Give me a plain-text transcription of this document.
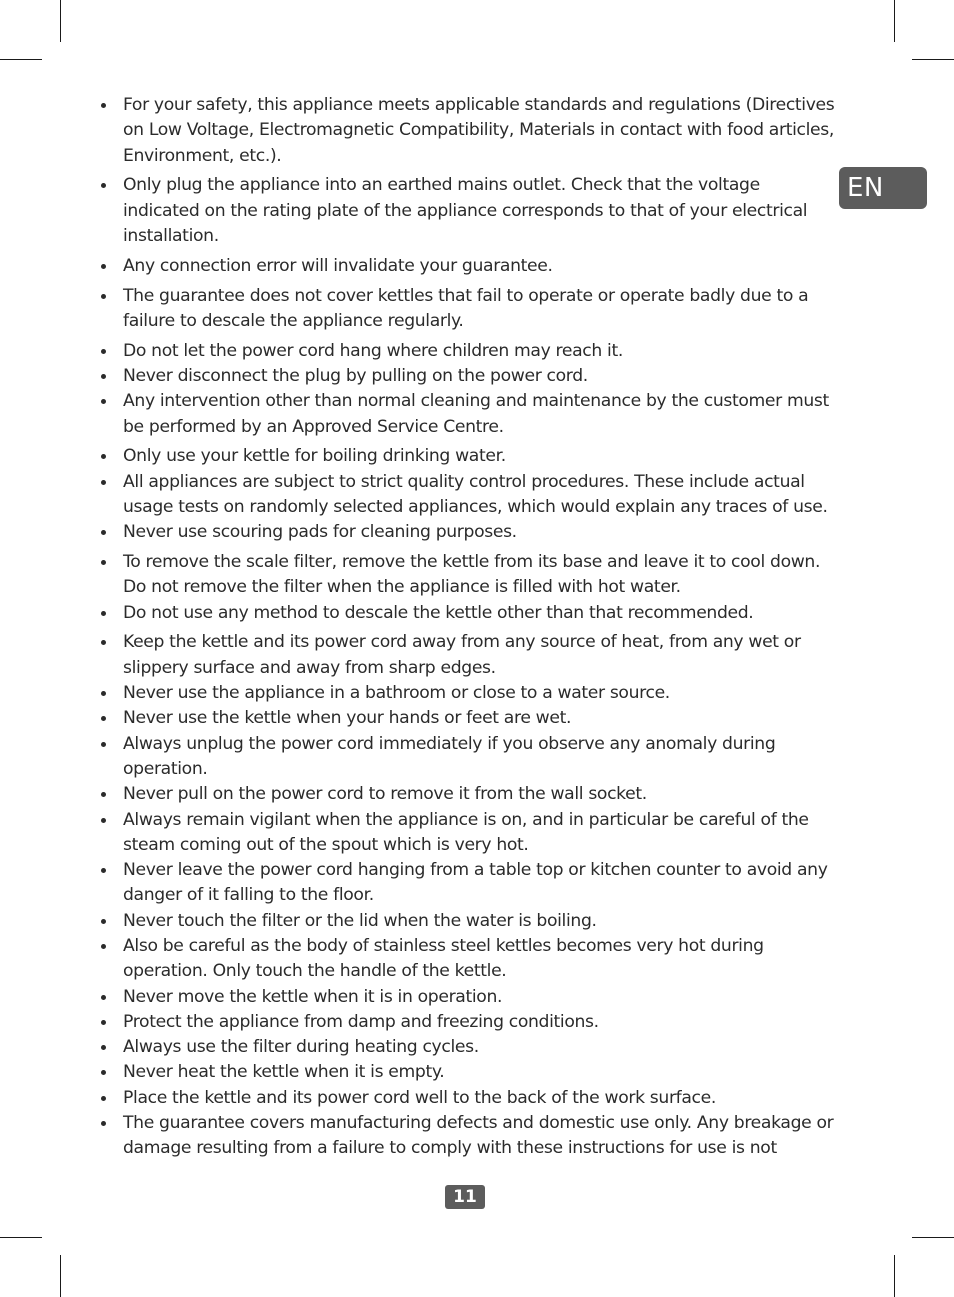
EN
For your safety, this appliance meets applicable standards and regulations (Directives on Low Voltage, Electromagnetic Compatibility, Materials in contact with food articles, Environment, etc.).
Only plug the appliance into an earthed mains outlet. Check that the voltage indicated on the rating plate of the appliance corresponds to that of your electrical installation.
Any connection error will invalidate your guarantee.
The guarantee does not cover kettles that fail to operate or operate badly due to a failure to descale the appliance regularly.
Do not let the power cord hang where children may reach it.
Never disconnect the plug by pulling on the power cord.
Any intervention other than normal cleaning and maintenance by the customer must be performed by an Approved Service Centre.
Only use your kettle for boiling drinking water.
All appliances are subject to strict quality control procedures. These include actual usage tests on randomly selected appliances, which would explain any traces of use.
Never use scouring pads for cleaning purposes.
To remove the scale filter, remove the kettle from its base and leave it to cool down. Do not remove the filter when the appliance is filled with hot water.
Do not use any method to descale the kettle other than that recommended.
Keep the kettle and its power cord away from any source of heat, from any wet or slippery surface and away from sharp edges.
Never use the appliance in a bathroom or close to a water source.
Never use the kettle when your hands or feet are wet.
Always unplug the power cord immediately if you observe any anomaly during operation.
Never pull on the power cord to remove it from the wall socket.
Always remain vigilant when the appliance is on, and in particular be careful of the steam coming out of the spout which is very hot.
Never leave the power cord hanging from a table top or kitchen counter to avoid any danger of it falling to the floor.
Never touch the filter or the lid when the water is boiling.
Also be careful as the body of stainless steel kettles becomes very hot during operation. Only touch the handle of the kettle.
Never move the kettle when it is in operation.
Protect the appliance from damp and freezing conditions.
Always use the filter during heating cycles.
Never heat the kettle when it is empty.
Place the kettle and its power cord well to the back of the work surface.
The guarantee covers manufacturing defects and domestic use only. Any breakage or damage resulting from a failure to comply with these instructions for use is not
11
